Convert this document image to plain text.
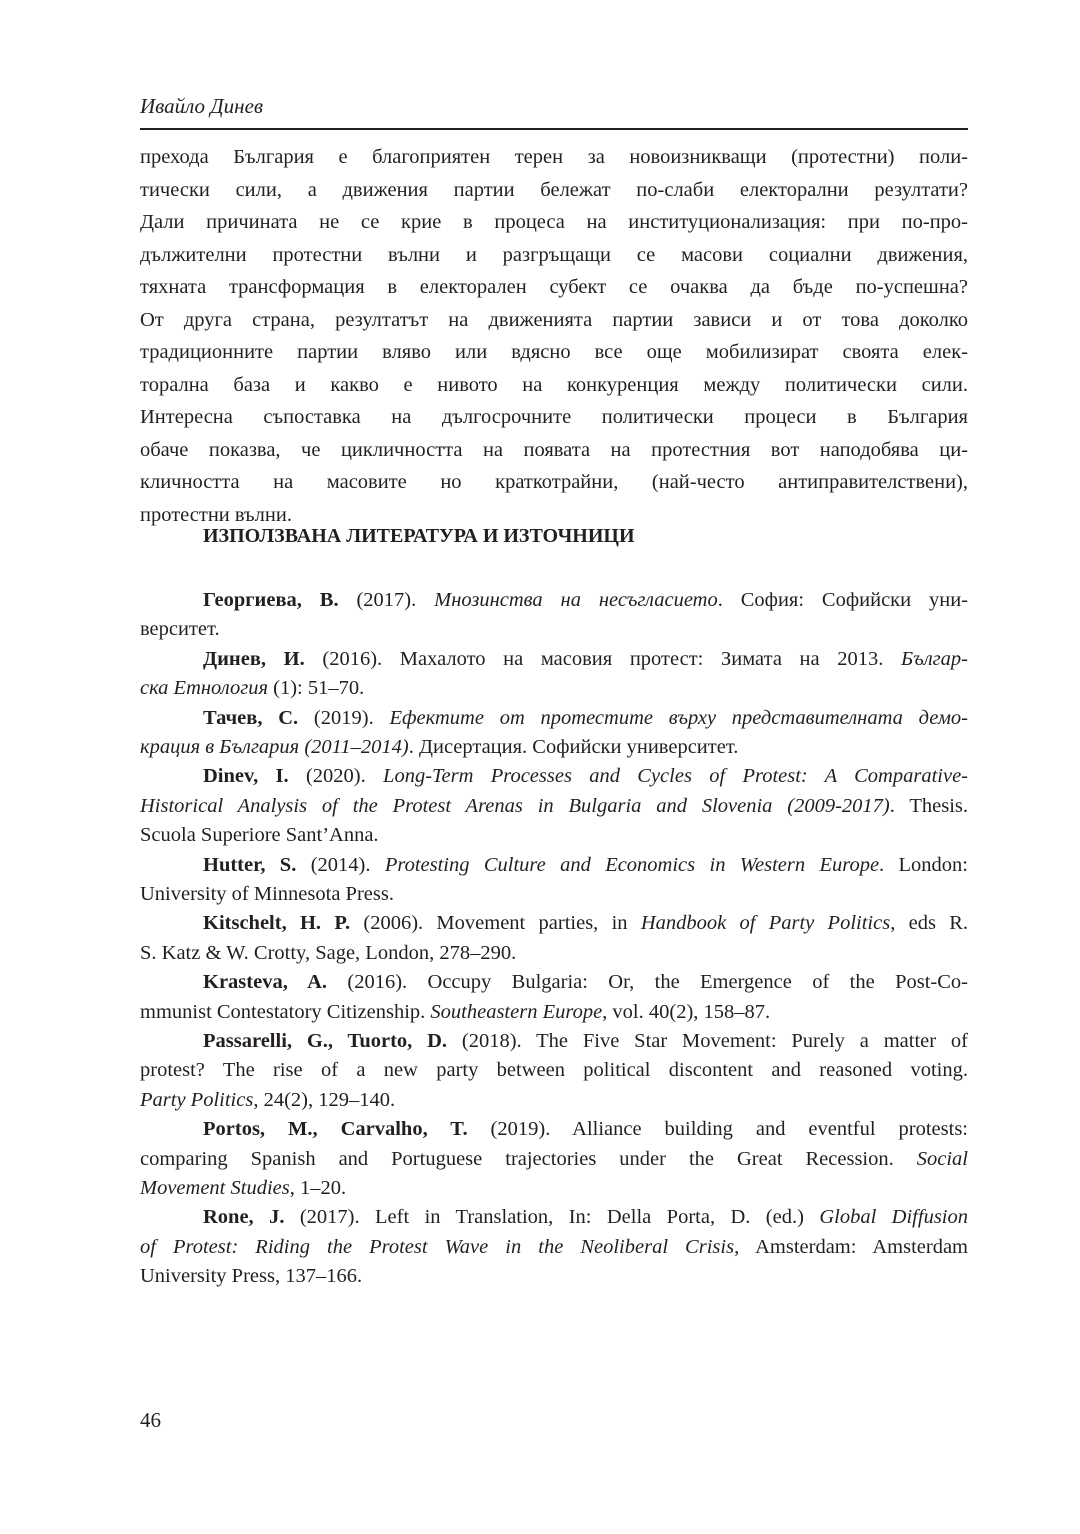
Ивайло Динев
прехода България е благоприятен терен за новоизникващи (протестни) поли-
тически сили, а движения партии бележат по-слаби електорални резултати?
Дали причината не се крие в процеса на институционализация: при по-про-
дължителни протестни вълни и разгръщащи се масови социални движения,
тяхната трансформация в електорален субект се очаква да бъде по-успешна?
От друга страна, резултатът на движенията партии зависи и от това доколко
традиционните партии вляво или вдясно все още мобилизират своята елек-
торална база и какво е нивото на конкуренция между политически сили.
Интересна съпоставка на дългосрочните политически процеси в България
обаче показва, че цикличността на появата на протестния вот наподобява ци-
кличността на масовите но краткотрайни, (най-често антиправителствени),
протестни вълни.
ИЗПОЛЗВАНА ЛИТЕРАТУРА И ИЗТОЧНИЦИ
Георгиева, В. (2017). Мнозинства на несъгласието. София: Софийски уни-
верситет.
Динев, И. (2016). Махалото на масовия протест: Зимата на 2013. Българ-
ска Етнология (1): 51–70.
Тачев, С. (2019). Ефектите от протестите върху представителната демо-
крация в България (2011–2014). Дисертация. Софийски университет.
Dinev, I. (2020). Long-Term Processes and Cycles of Protest: A Comparative-
Historical Analysis of the Protest Arenas in Bulgaria and Slovenia (2009-2017). Thesis.
Scuola Superiore Sant’Anna.
Hutter, S. (2014). Protesting Culture and Economics in Western Europe. London:
University of Minnesota Press.
Kitschelt, H. P. (2006). Movement parties, in Handbook of Party Politics, eds R.
S. Katz & W. Crotty, Sage, London, 278–290.
Krasteva, A. (2016). Occupy Bulgaria: Or, the Emergence of the Post-Co-
mmunist Contestatory Citizenship. Southeastern Europe, vol. 40(2), 158–87.
Passarelli, G., Tuorto, D. (2018). The Five Star Movement: Purely a matter of
protest? The rise of a new party between political discontent and reasoned voting.
Party Politics, 24(2), 129–140.
Portos, M., Carvalho, T. (2019). Alliance building and eventful protests:
comparing Spanish and Portuguese trajectories under the Great Recession. Social
Movement Studies, 1–20.
Rone, J. (2017). Left in Translation, In: Della Porta, D. (ed.) Global Diffusion
of Protest: Riding the Protest Wave in the Neoliberal Crisis, Amsterdam: Amsterdam
University Press, 137–166.
46
